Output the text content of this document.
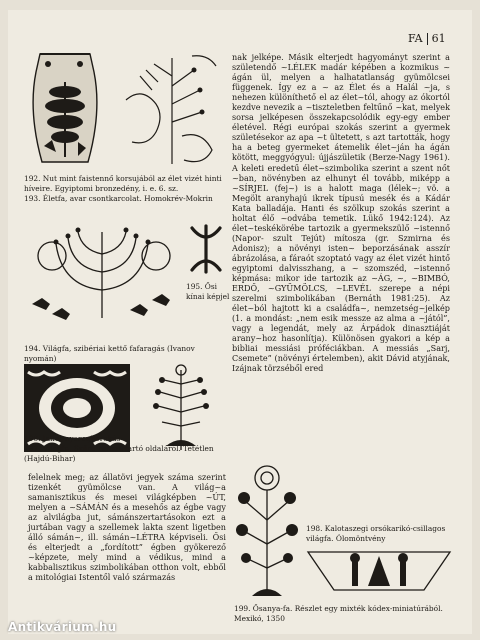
FA 61
192. Nut mint faistennő korsujából az élet vizét hinti híveire. Egyiptomi bronzedény, i. e. 6. sz.
193. Életfa, avar csontkarcolat. Homokrév-Mokrin
195. Ősi kínai képjel
194. Világfa, szibériai kettő fafaragás (Ivanov nyomán)
196. Jakut nyeregberakás
197. Világfa. Szűrű ruhszirtartó oldaláról. Tetétlen (Hajdú-Bihar)

nak jelképe. Másik elterjedt hagyományt szerint a születendő ~LÉLEK madár képében a kozmikus ~ ágán ül, melyen a halhatatlanság gyümölcsei függenek. Így ez a ~ az Élet és a Halál ~ja, s nehezen különíthető el az élet~tól, ahogy az ókortól kezdve nevezik a ~tiszteletben feltűnő ~kat, melyek sorsa jelképesen összekapcsolódik egy-egy ember életével. Régi európai szokás szerint a gyermek születésekor az apa ~t ültetett, s azt tartották, hogy ha a beteg gyermeket átemelik élet~ján ha ágán kötött, meggyógyul: újjászületik (Berze-Nagy 1961). A keleti eredetű élet~szimbolika szerint a szent nőt ~ban, növényben az elhunyt él tovább, miképp a ~SÍRJEL (fej~) is a halott maga (lélek~; vö. a Megölt aranyhajú ikrek típusú mesék és a Kádár Kata balladája. Hanti és szölkup szokás szerint a holtat élő ~odvába temetik. Lükő 1942:124). Az élet~teskékörébe tartozik a gyermekszülő ~istennő (Napor- szult Tejút) mítosza (gr. Szmirna és Adonisz); a növényi isten~ beporzásának asszír ábrázolása, a fáraót szoptató vagy az élet vizét hintő egyiptomi dalvisszhang, a ~ szomszéd, ~istennő képmása: mikor ide tartozik az ~ÁG, ~, ~BIMBÓ, ERDŐ, ~GYÜMÖLCS, ~LEVÉL szerepe a népi szerelmi szimbolikában (Bernáth 1981:25). Az élet~ból hajtott ki a családfa~, nemzetség~jelkép (1. a mondást: „nem esik messze az alma a ~jától”, vagy a legendát, mely az Árpádok dinasztiáját arany~hoz hasonlítja). Különösen gyakori a kép a bibliai messiási próféciákban. A messiás „Sarj, Csemete” (növényi értelemben), akit Dávid atyjának, Izájnak törzséből ered

felelnek meg; az állatövi jegyek száma szerint tizenkét gyümölcse van. A világ~a samanisztikus és mesei világképben ~ÚT, melyen a ~SÁMÁN és a mesehős az égbe vagy az alvilágba jut, sámánszertartásokon ezt a jurtában vagy a szellemek lakta szent ligetben álló sámán~, ill. sámán~LÉTRA képviseli. Ősi és elterjedt a „fordított” égben gyökerező ~képzete, mely mind a védikus, mind a kabbalisztikus szimbolikában otthon volt, ebből a mitológiai Istentől való származás

198. Kalotaszegi orsókarikó-csillagos világfa. Ólomöntvény
199. Ősanya-fa. Részlet egy mixték kódex-miniatúrából. Mexikó, 1350
Antikvárium.hu
